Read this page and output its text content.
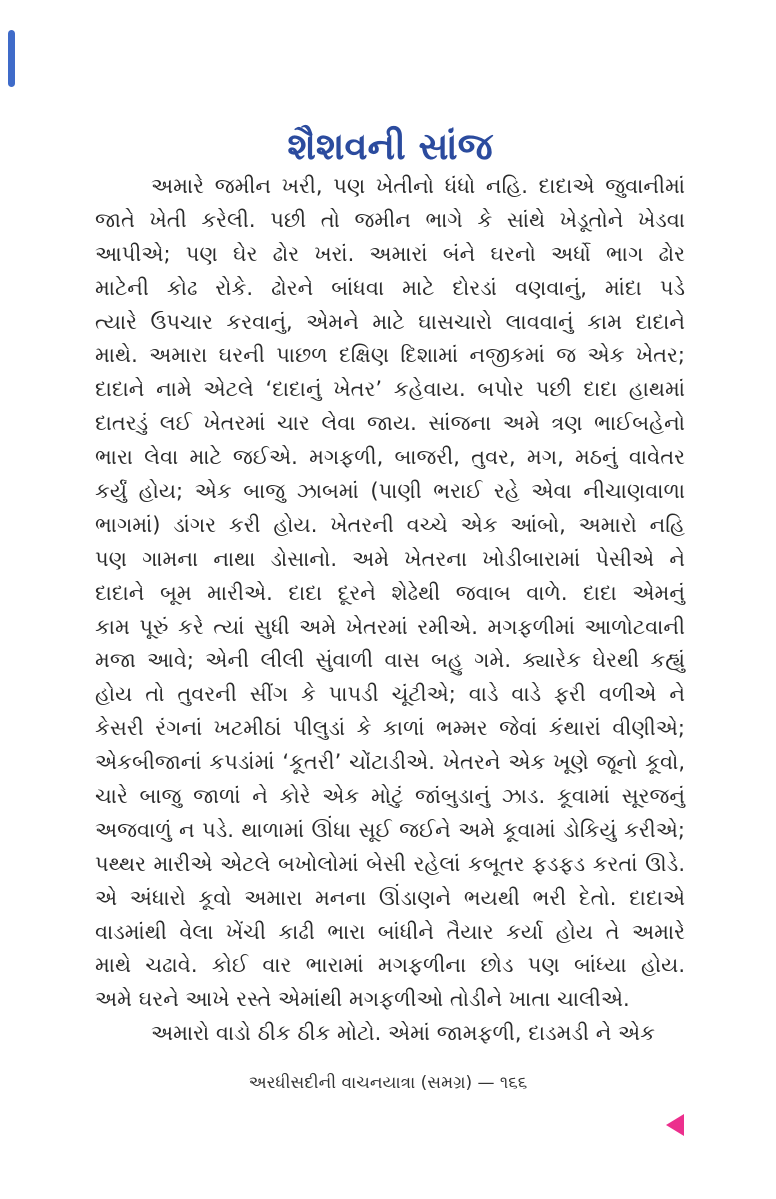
શૈશવની સાંજ
અમારે જમીન ખરી, પણ ખેતીનો ધંધો નહિ. દાદાએ જુવાનીમાં
જાતે ખેતી કરેલી. પછી તો જમીન ભાગે કે સાંથે ખેડૂતોને ખેડવા
આપીએ; પણ ઘેર ઢોર ખરાં. અમારાં બંને ઘરનો અર્ધો ભાગ ઢોર
માટેની કોઢ રોકે. ઢોરને બાંધવા માટે દોરડાં વણવાનું, માંદા પડે
ત્યારે ઉપચાર કરવાનું, એમને માટે ઘાસચારો લાવવાનું કામ દાદાને
માથે. અમારા ઘરની પાછળ દક્ષિણ દિશામાં નજીકમાં જ એક ખેતર;
દાદાને નામે એટલે ‘દાદાનું ખેતર’ કહેવાય. બપોર પછી દાદા હાથમાં
દાતરડું લઈ ખેતરમાં ચાર લેવા જાય. સાંજના અમે ત્રણ ભાઈબહેનો
ભારા લેવા માટે જઈએ. મગફળી, બાજરી, તુવર, મગ, મઠનું વાવેતર
કર્યું હોય; એક બાજુ ઝાબમાં (પાણી ભરાઈ રહે એવા નીચાણવાળા
ભાગમાં) ડાંગર કરી હોય. ખેતરની વચ્ચે એક આંબો, અમારો નહિ
પણ ગામના નાથા ડોસાનો. અમે ખેતરના ખોડીબારામાં પેસીએ ને
દાદાને બૂમ મારીએ. દાદા દૂરને શેઢેથી જવાબ વાળે. દાદા એમનું
કામ પૂરું કરે ત્યાં સુધી અમે ખેતરમાં રમીએ. મગફળીમાં આળોટવાની
મજા આવે; એની લીલી સુંવાળી વાસ બહુ ગમે. ક્યારેક ઘેરથી કહ્યું
હોય તો તુવરની સીંગ કે પાપડી ચૂંટીએ; વાડે વાડે ફરી વળીએ ને
કેસરી રંગનાં ખટમીઠાં પીલુડાં કે કાળાં ભમ્મર જેવાં કંથારાં વીણીએ;
એકબીજાનાં કપડાંમાં ‘કૂતરી’ ચોંટાડીએ. ખેતરને એક ખૂણે જૂનો કૂવો,
ચારે બાજુ જાળાં ને કોરે એક મોટું જાંબુડાનું ઝાડ. કૂવામાં સૂરજનું
અજવાળું ન પડે. થાળામાં ઊંધા સૂઈ જઈને અમે કૂવામાં ડોકિયું કરીએ;
પથ્થર મારીએ એટલે બખોલોમાં બેસી રહેલાં કબૂતર ફડફડ કરતાં ઊડે.
એ અંધારો કૂવો અમારા મનના ઊંડાણને ભયથી ભરી દેતો. દાદાએ
વાડમાંથી વેલા ખેંચી કાઢી ભારા બાંધીને તૈયાર કર્યા હોય તે અમારે
માથે ચઢાવે. કોઈ વાર ભારામાં મગફળીના છોડ પણ બાંધ્યા હોય.
અમે ઘરને આખે રસ્તે એમાંથી મગફળીઓ તોડીને ખાતા ચાલીએ.
અમારો વાડો ઠીક ઠીક મોટો. એમાં જામફળી, દાડમડી ને એક
અરધીસદીની વાચનયાત્રા (સમગ્ર) — ૧૬૬
